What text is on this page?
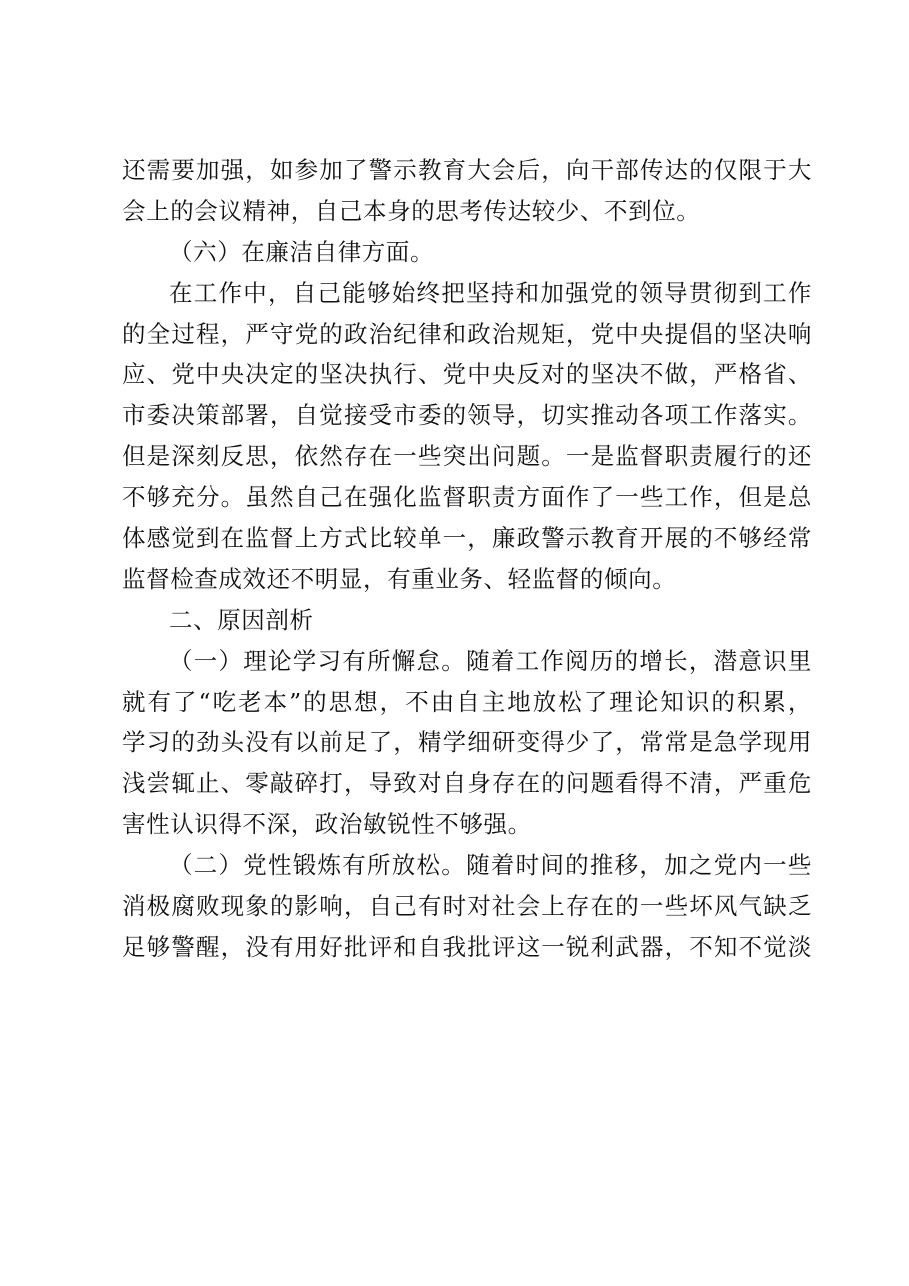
还需要加强，如参加了警示教育大会后，向干部传达的仅限于大
会上的会议精神，自己本身的思考传达较少、不到位。
（六）在廉洁自律方面。
在工作中，自己能够始终把坚持和加强党的领导贯彻到工作
的全过程，严守党的政治纪律和政治规矩，党中央提倡的坚决响
应、党中央决定的坚决执行、党中央反对的坚决不做，严格省、
市委决策部署，自觉接受市委的领导，切实推动各项工作落实。
但是深刻反思，依然存在一些突出问题。一是监督职责履行的还
不够充分。虽然自己在强化监督职责方面作了一些工作，但是总
体感觉到在监督上方式比较单一，廉政警示教育开展的不够经常
监督检查成效还不明显，有重业务、轻监督的倾向。
二、原因剖析
（一）理论学习有所懈怠。随着工作阅历的增长，潜意识里
就有了“吃老本”的思想，不由自主地放松了理论知识的积累，
学习的劲头没有以前足了，精学细研变得少了，常常是急学现用
浅尝辄止、零敲碎打，导致对自身存在的问题看得不清，严重危
害性认识得不深，政治敏锐性不够强。
（二）党性锻炼有所放松。随着时间的推移，加之党内一些
消极腐败现象的影响，自己有时对社会上存在的一些坏风气缺乏
足够警醒，没有用好批评和自我批评这一锐利武器，不知不觉淡
